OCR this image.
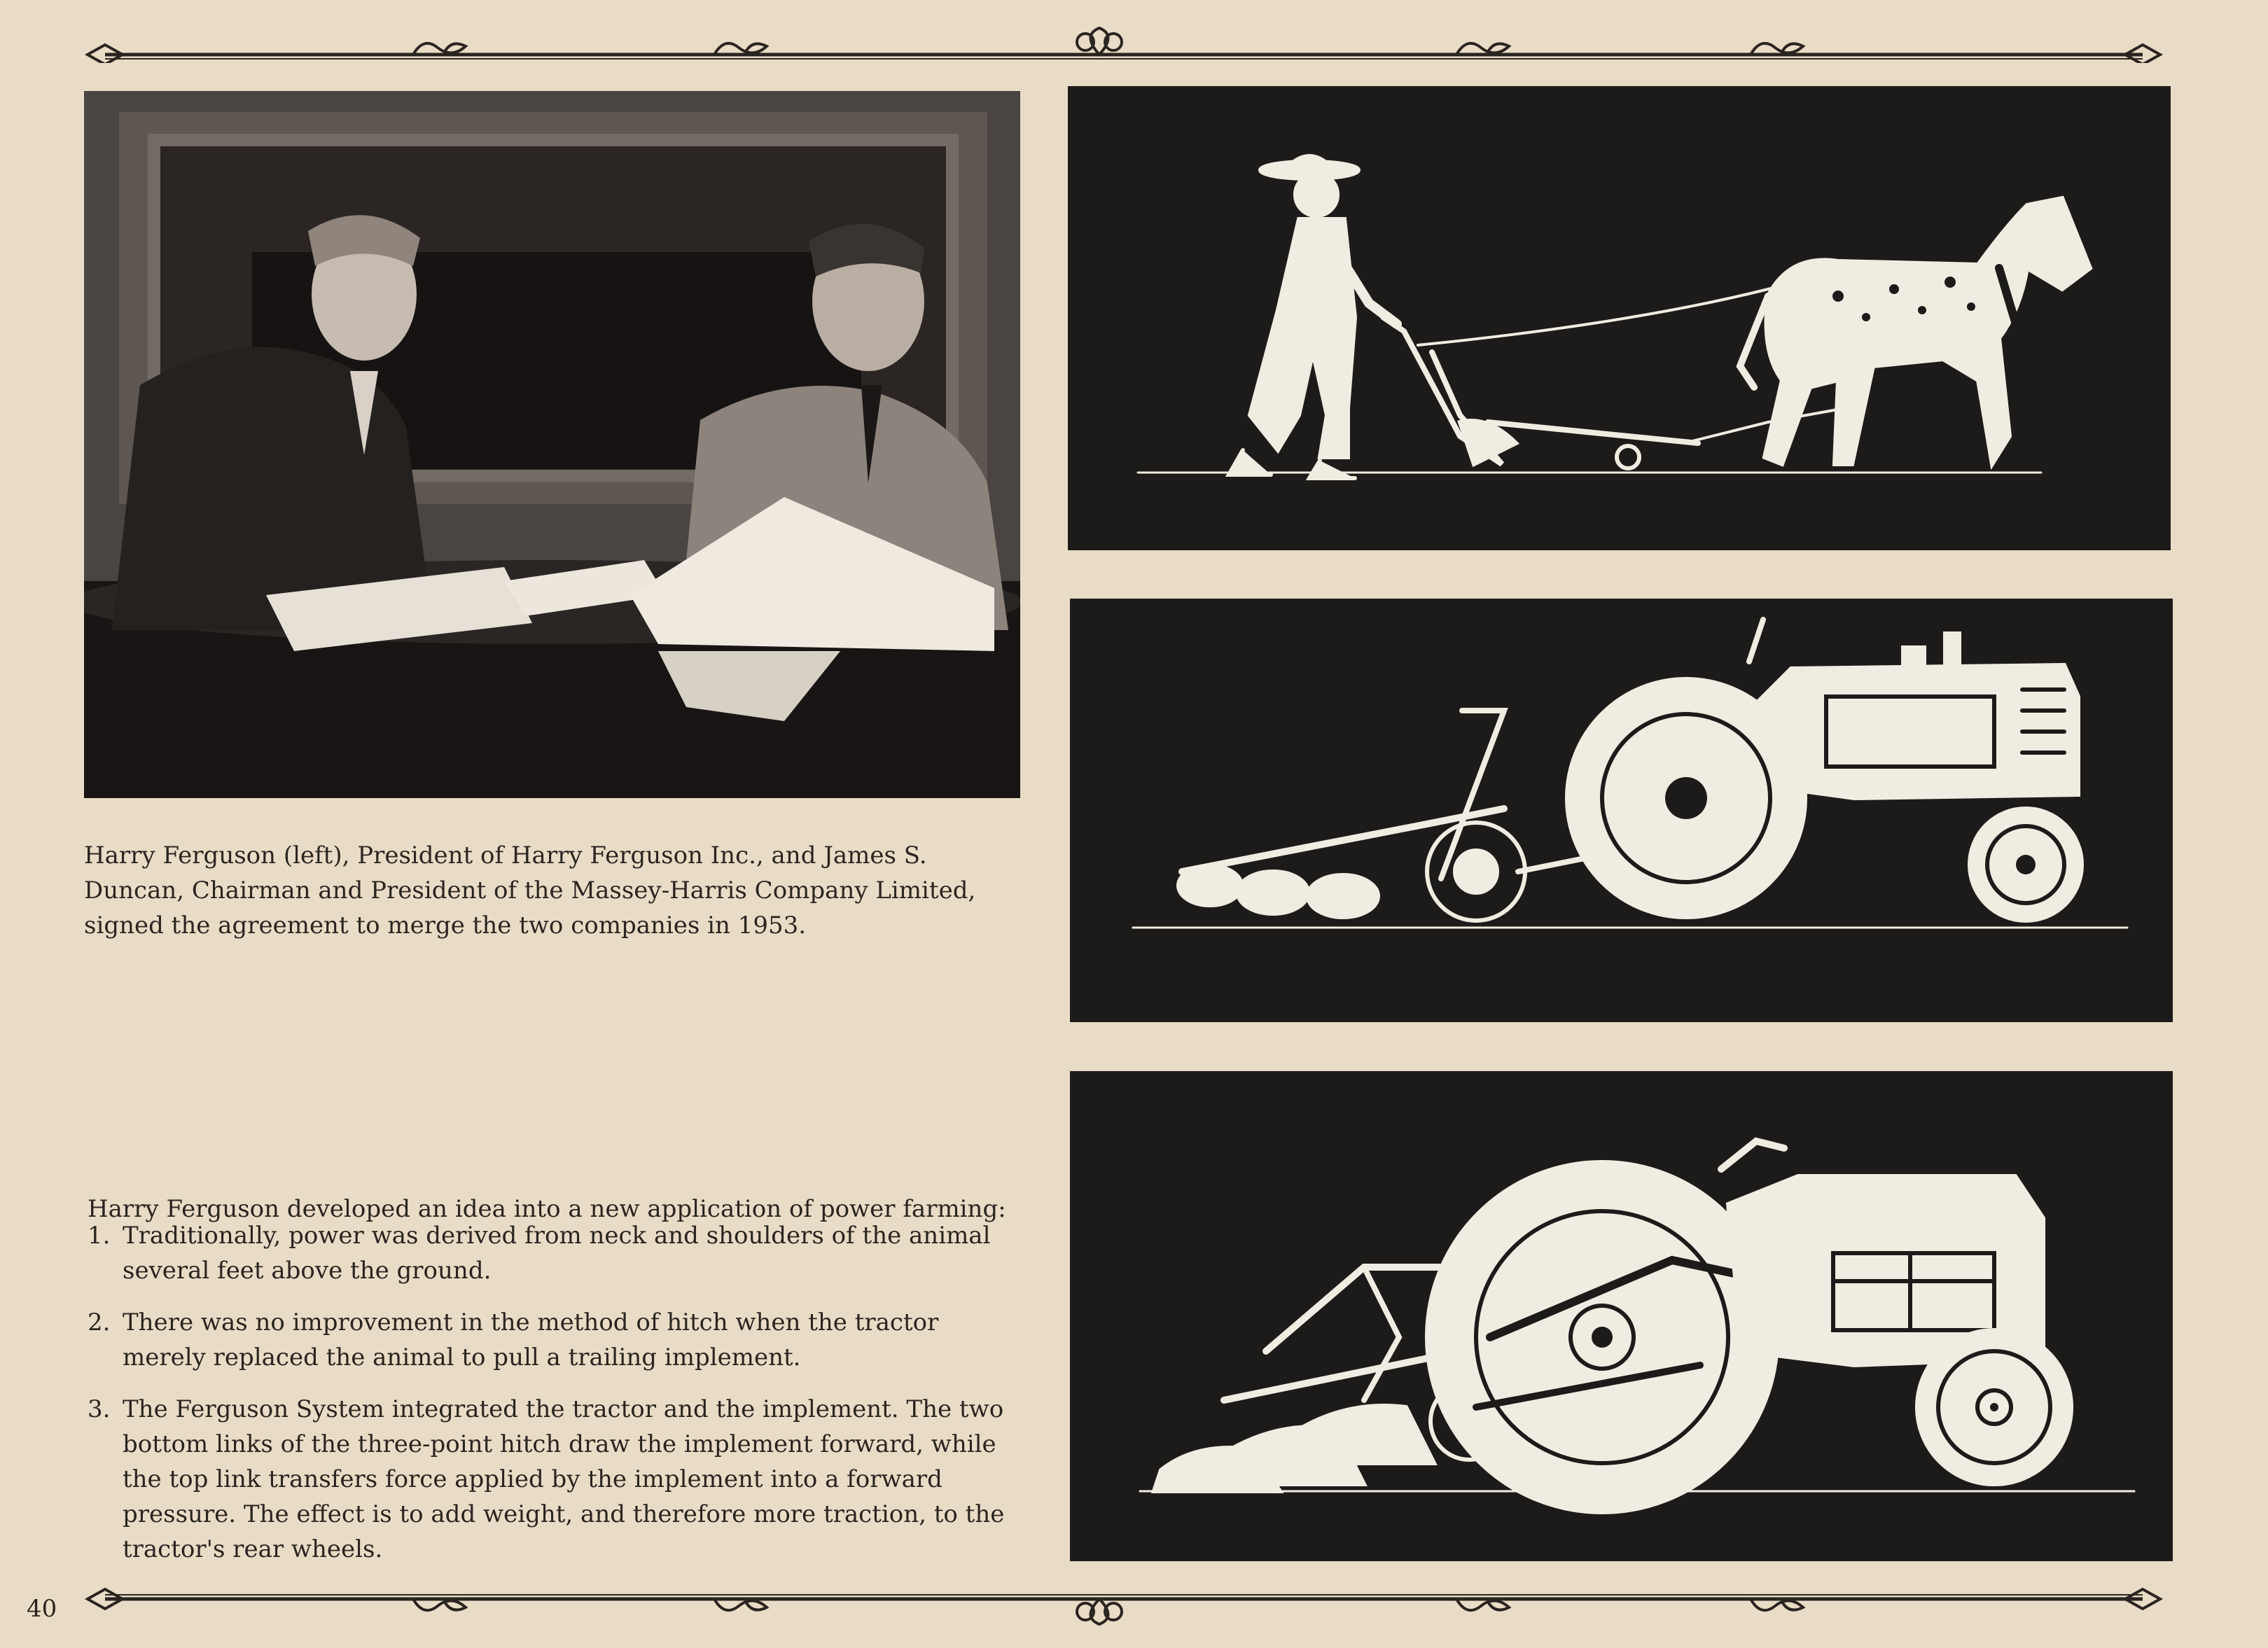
Harry Ferguson (left), President of Harry Ferguson Inc., and James S. Duncan, Chairman and President of the Massey-Harris Company Limited, signed the agreement to merge the two companies in 1953.

Harry Ferguson developed an idea into a new application of power farming:

1. Traditionally, power was derived from neck and shoulders of the animal several feet above the ground.
2. There was no improvement in the method of hitch when the tractor merely replaced the animal to pull a trailing implement.
3. The Ferguson System integrated the tractor and the implement. The two bottom links of the three-point hitch draw the implement forward, while the top link transfers force applied by the implement into a forward pressure. The effect is to add weight, and therefore more traction, to the tractor's rear wheels.
40
